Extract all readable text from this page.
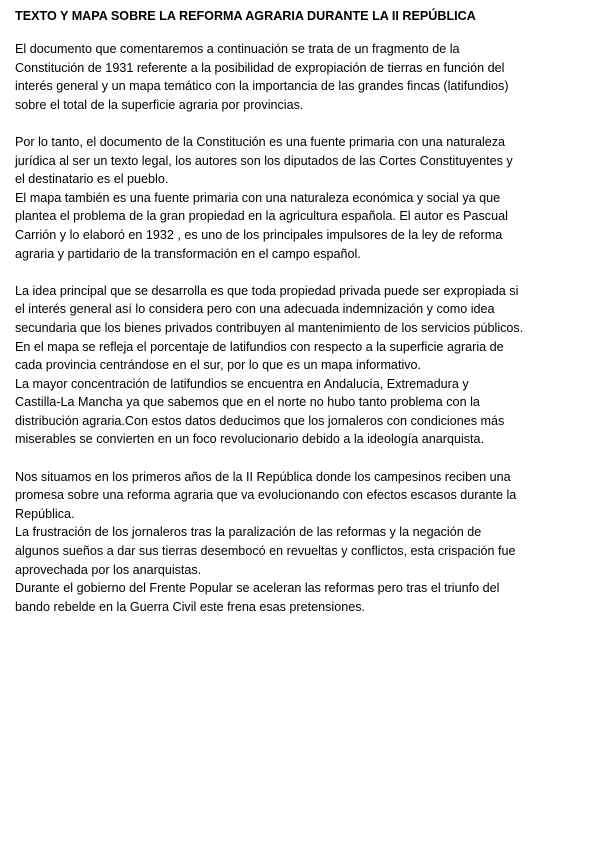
TEXTO Y MAPA SOBRE LA REFORMA AGRARIA DURANTE LA II REPÚBLICA
El documento que comentaremos a continuación se trata de un fragmento de la
Constitución de 1931 referente a la posibilidad de expropiación de tierras en función del
interés general y un mapa temático con la importancia de las grandes fincas (latifundios)
sobre el total de la superficie agraria por provincias.
Por lo tanto, el documento de la Constitución es una fuente primaria con una naturaleza
jurídica al ser un texto legal, los autores son los diputados de las Cortes Constituyentes y
el destinatario es el pueblo.
El mapa también es una fuente primaria con una naturaleza económica y social ya que
plantea el problema de la gran propiedad en la agricultura española. El autor es Pascual
Carrión y lo elaboró en 1932 , es uno de los principales impulsores de la ley de reforma
agraria y partidario de la transformación en el campo español.
La idea principal que se desarrolla es que toda propiedad privada puede ser expropiada si
el interés general así lo considera pero con una adecuada indemnización y como idea
secundaria que los bienes privados contribuyen al mantenimiento de los servicios públicos.
En el mapa se refleja el porcentaje de latifundios con respecto a la superficie agraria de
cada provincia centrándose en el sur, por lo que es un mapa informativo.
La mayor concentración de latifundios se encuentra en Andalucía, Extremadura y
Castilla-La Mancha ya que sabemos que en el norte no hubo tanto problema con la
distribución agraria.Con estos datos deducimos que los jornaleros con condiciones más
miserables se convierten en un foco revolucionario debido a la ideología anarquista.
Nos situamos en los primeros años de la II República donde los campesinos reciben una
promesa sobre una reforma agraria que va evolucionando con efectos escasos durante la
República.
La frustración de los jornaleros tras la paralización de las reformas y la negación de
algunos sueños a dar sus tierras desembocó en revueltas y conflictos, esta crispación fue
aprovechada por los anarquistas.
Durante el gobierno del Frente Popular se aceleran las reformas pero tras el triunfo del
bando rebelde en la Guerra Civil este frena esas pretensiones.
